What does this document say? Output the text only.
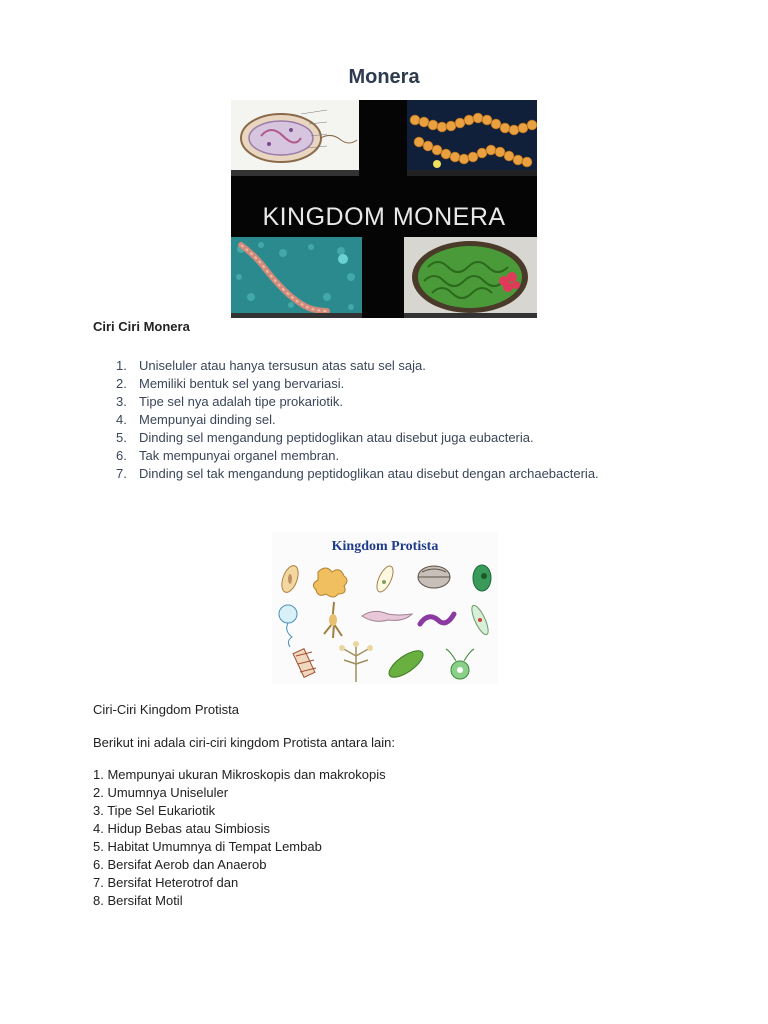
Monera
KINGDOM MONERA
Ciri Ciri Monera
1. Uniseluler atau hanya tersusun atas satu sel saja.
2. Memiliki bentuk sel yang bervariasi.
3. Tipe sel nya adalah tipe prokariotik.
4. Mempunyai dinding sel.
5. Dinding sel mengandung peptidoglikan atau disebut juga eubacteria.
6. Tak mempunyai organel membran.
7. Dinding sel tak mengandung peptidoglikan atau disebut dengan archaebacteria.
Kingdom Protista
Ciri-Ciri Kingdom Protista
Berikut ini adala ciri-ciri kingdom Protista antara lain:
1. Mempunyai ukuran Mikroskopis dan makrokopis
2. Umumnya Uniseluler
3. Tipe Sel Eukariotik
4. Hidup Bebas atau Simbiosis
5. Habitat Umumnya di Tempat Lembab
6. Bersifat Aerob dan Anaerob
7. Bersifat Heterotrof dan
8. Bersifat Motil
